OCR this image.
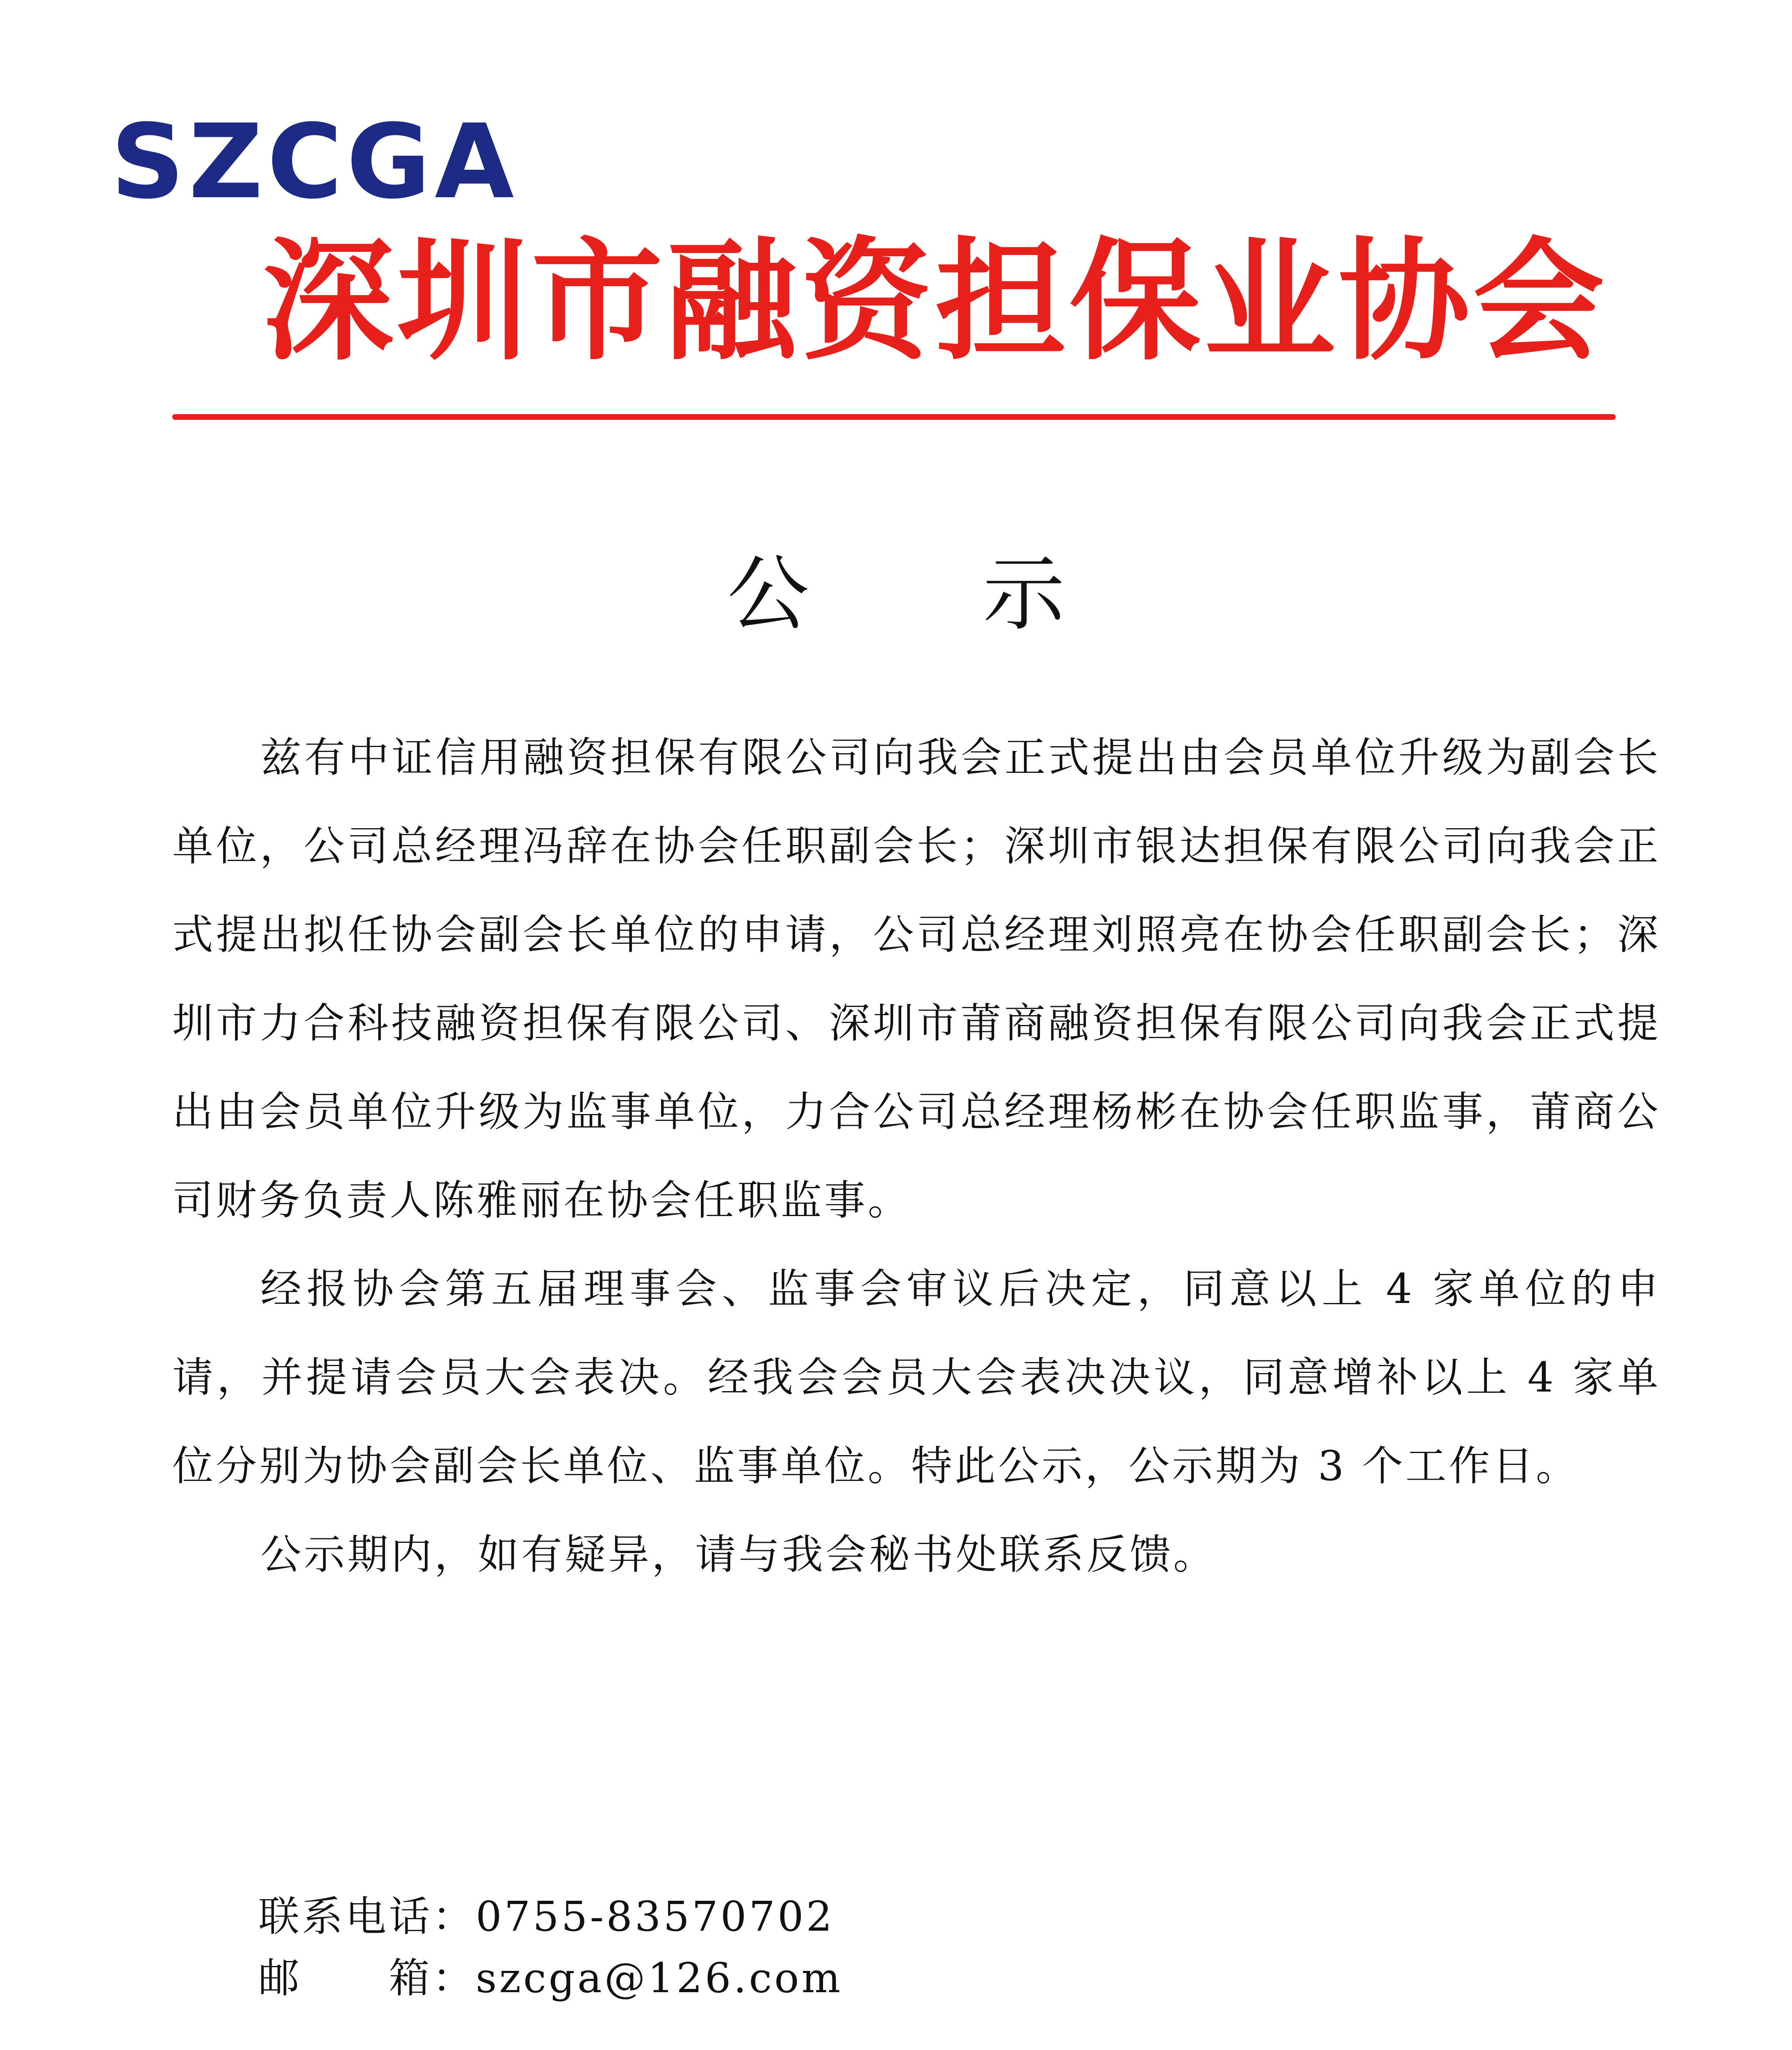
SZCGA
深圳市融资担保业协会
公 示

兹有中证信用融资担保有限公司向我会正式提出由会员单位升级为副会长单位，公司总经理冯辞在协会任职副会长；深圳市银达担保有限公司向我会正式提出拟任协会副会长单位的申请，公司总经理刘照亮在协会任职副会长；深圳市力合科技融资担保有限公司、深圳市莆商融资担保有限公司向我会正式提出由会员单位升级为监事单位，力合公司总经理杨彬在协会任职监事，莆商公司财务负责人陈雅丽在协会任职监事。

经报协会第五届理事会、监事会审议后决定，同意以上 4 家单位的申请，并提请会员大会表决。经我会会员大会表决决议，同意增补以上 4 家单位分别为协会副会长单位、监事单位。特此公示，公示期为 3 个工作日。

公示期内，如有疑异，请与我会秘书处联系反馈。

联系电话：0755-83570702
邮　　箱：szcga@126.com
